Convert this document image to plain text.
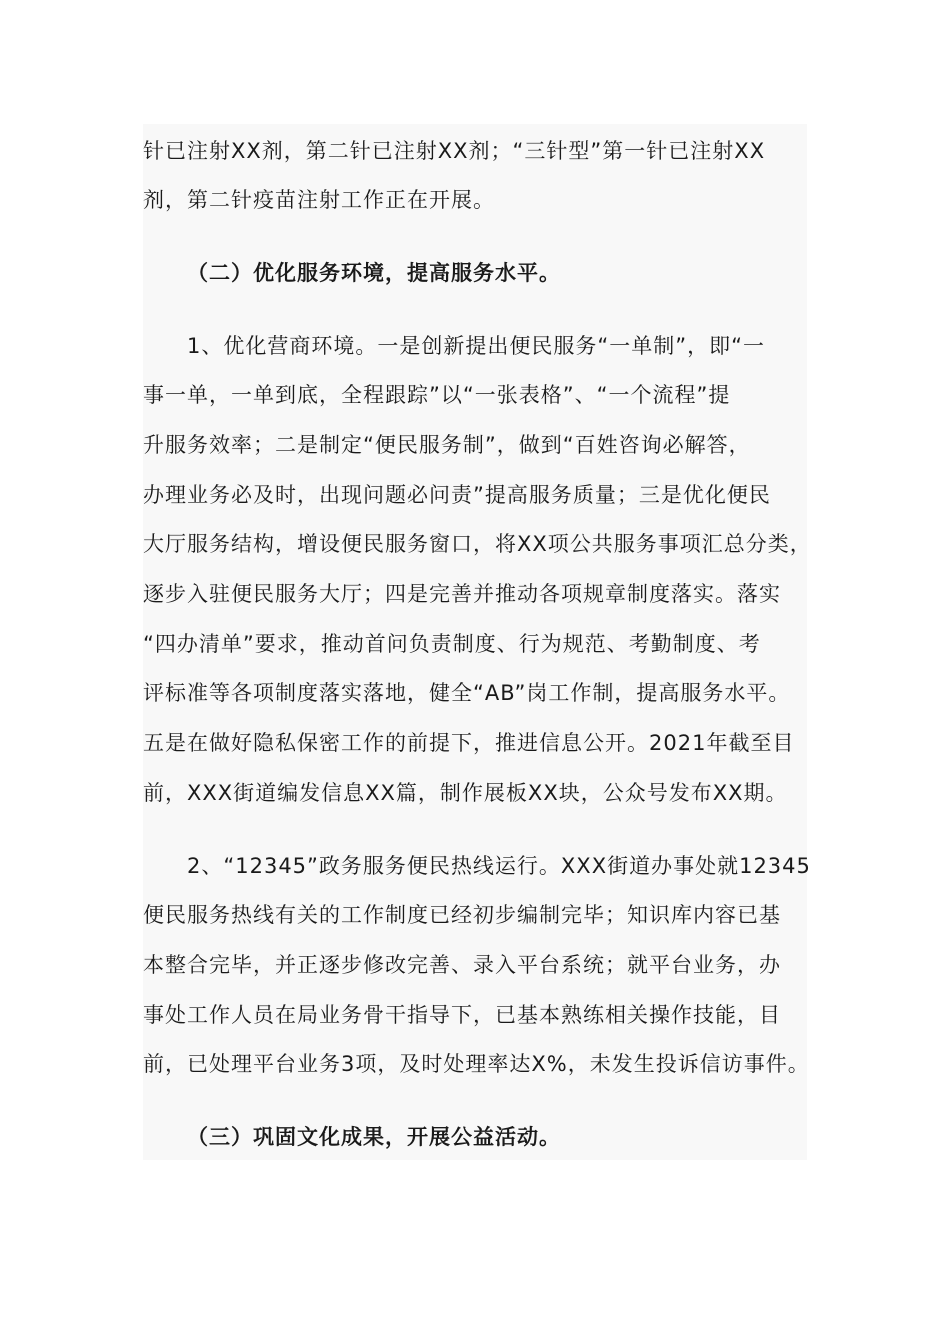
针已注射XX剂，第二针已注射XX剂；“三针型”第一针已注射XX
剂，第二针疫苗注射工作正在开展。
（二）优化服务环境，提高服务水平。
1、优化营商环境。一是创新提出便民服务“一单制”，即“一
事一单，一单到底，全程跟踪”以“一张表格”、“一个流程”提
升服务效率；二是制定“便民服务制”，做到“百姓咨询必解答，
办理业务必及时，出现问题必问责”提高服务质量；三是优化便民
大厅服务结构，增设便民服务窗口，将XX项公共服务事项汇总分类，
逐步入驻便民服务大厅；四是完善并推动各项规章制度落实。落实
“四办清单”要求，推动首问负责制度、行为规范、考勤制度、考
评标准等各项制度落实落地，健全“AB”岗工作制，提高服务水平。
五是在做好隐私保密工作的前提下，推进信息公开。2021年截至目
前，XXX街道编发信息XX篇，制作展板XX块，公众号发布XX期。
2、“12345”政务服务便民热线运行。XXX街道办事处就12345
便民服务热线有关的工作制度已经初步编制完毕；知识库内容已基
本整合完毕，并正逐步修改完善、录入平台系统；就平台业务，办
事处工作人员在局业务骨干指导下，已基本熟练相关操作技能，目
前，已处理平台业务3项，及时处理率达X%，未发生投诉信访事件。
（三）巩固文化成果，开展公益活动。
